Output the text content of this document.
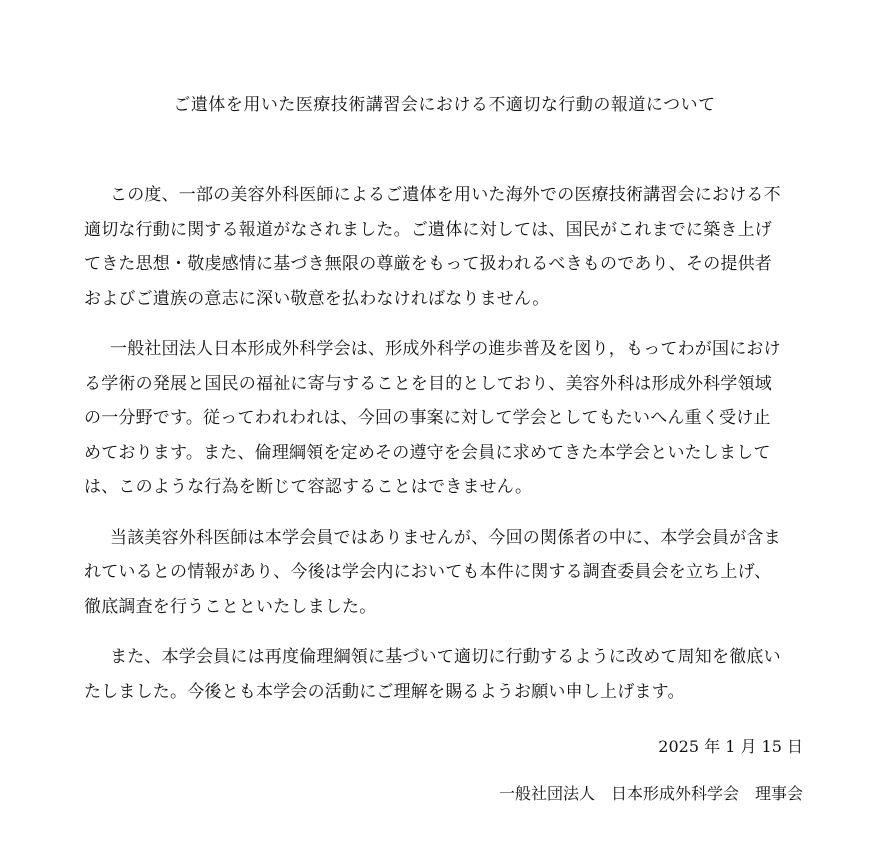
ご遺体を用いた医療技術講習会における不適切な行動の報道について

この度、一部の美容外科医師によるご遺体を用いた海外での医療技術講習会における不
適切な行動に関する報道がなされました。ご遺体に対しては、国民がこれまでに築き上げ
てきた思想・敬虔感情に基づき無限の尊厳をもって扱われるべきものであり、その提供者
およびご遺族の意志に深い敬意を払わなければなりません。

一般社団法人日本形成外科学会は、形成外科学の進歩普及を図り，もってわが国におけ
る学術の発展と国民の福祉に寄与することを目的としており、美容外科は形成外科学領域
の一分野です。従ってわれわれは、今回の事案に対して学会としてもたいへん重く受け止
めております。また、倫理綱領を定めその遵守を会員に求めてきた本学会といたしまして
は、このような行為を断じて容認することはできません。

当該美容外科医師は本学会員ではありませんが、今回の関係者の中に、本学会員が含ま
れているとの情報があり、今後は学会内においても本件に関する調査委員会を立ち上げ、
徹底調査を行うことといたしました。

また、本学会員には再度倫理綱領に基づいて適切に行動するように改めて周知を徹底い
たしました。今後とも本学会の活動にご理解を賜るようお願い申し上げます。

2025 年 1 月 15 日
一般社団法人　日本形成外科学会　理事会
